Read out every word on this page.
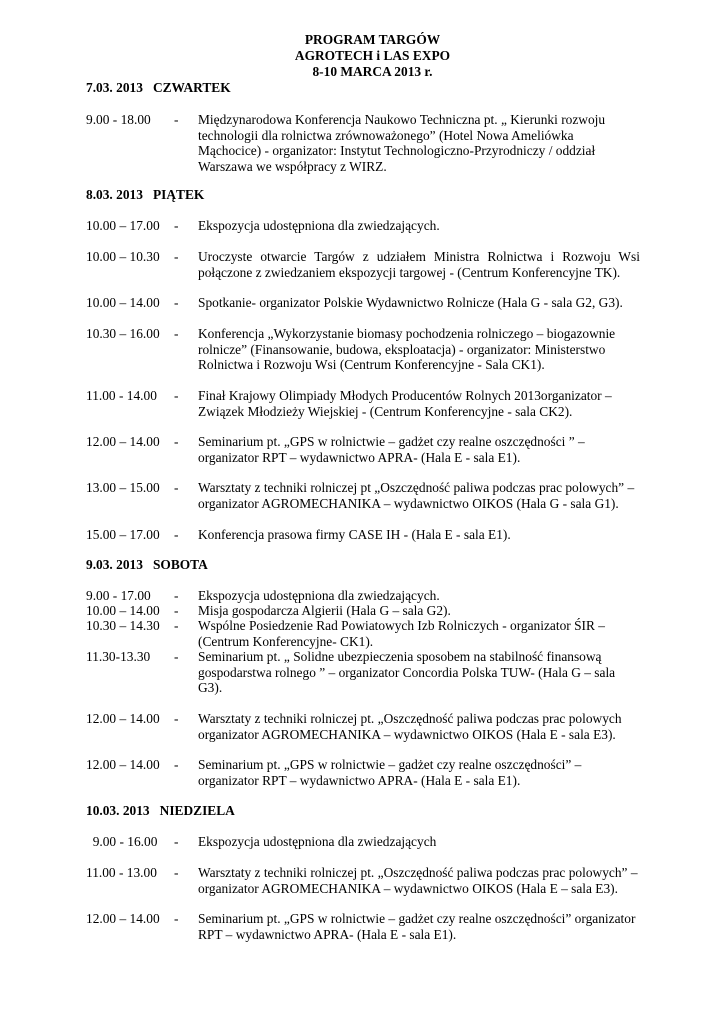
PROGRAM TARGÓW
AGROTECH i LAS EXPO
8-10 MARCA 2013 r.
7.03. 2013   CZWARTEK
9.00 - 18.00 - Międzynarodowa Konferencja Naukowo Techniczna pt. „ Kierunki rozwoju technologii dla rolnictwa zrównoważonego” (Hotel Nowa Ameliówka Mąchocice) - organizator: Instytut Technologiczno-Przyrodniczy / oddział Warszawa we współpracy z WIRZ.
8.03. 2013   PIĄTEK
10.00 – 17.00 - Ekspozycja udostępniona dla zwiedzających.
10.00 – 10.30 - Uroczyste otwarcie Targów z udziałem Ministra Rolnictwa i Rozwoju Wsi połączone z zwiedzaniem ekspozycji targowej - (Centrum Konferencyjne TK).
10.00 – 14.00 - Spotkanie- organizator Polskie Wydawnictwo Rolnicze (Hala G - sala G2, G3).
10.30 – 16.00 - Konferencja „Wykorzystanie biomasy pochodzenia rolniczego – biogazownie rolnicze” (Finansowanie, budowa, eksploatacja) - organizator: Ministerstwo Rolnictwa i Rozwoju Wsi (Centrum Konferencyjne - Sala CK1).
11.00 - 14.00 - Finał Krajowy Olimpiady Młodych Producentów Rolnych 2013organizator – Związek Młodzieży Wiejskiej - (Centrum Konferencyjne - sala CK2).
12.00 – 14.00 - Seminarium pt. „GPS w rolnictwie – gadżet czy realne oszczędności ” – organizator RPT – wydawnictwo APRA- (Hala E - sala E1).
13.00 – 15.00 - Warsztaty z techniki rolniczej pt „Oszczędność paliwa podczas prac polowych” – organizator AGROMECHANIKA – wydawnictwo OIKOS (Hala G - sala G1).
15.00 – 17.00 - Konferencja prasowa firmy CASE IH - (Hala E - sala E1).
9.03. 2013   SOBOTA
9.00 - 17.00 - Ekspozycja udostępniona dla zwiedzających.
10.00 – 14.00 - Misja gospodarcza Algierii (Hala G – sala G2).
10.30 – 14.30 - Wspólne Posiedzenie Rad Powiatowych Izb Rolniczych - organizator ŚIR – (Centrum Konferencyjne- CK1).
11.30-13.30 - Seminarium pt. „ Solidne ubezpieczenia sposobem na stabilność finansową gospodarstwa rolnego ” – organizator Concordia Polska TUW- (Hala G – sala G3).
12.00 – 14.00 - Warsztaty z techniki rolniczej pt. „Oszczędność paliwa podczas prac polowych organizator AGROMECHANIKA – wydawnictwo OIKOS (Hala E - sala E3).
12.00 – 14.00 - Seminarium pt. „GPS w rolnictwie – gadżet czy realne oszczędności” – organizator RPT – wydawnictwo APRA- (Hala E - sala E1).
10.03. 2013   NIEDZIELA
9.00 - 16.00 - Ekspozycja udostępniona dla zwiedzających
11.00 - 13.00 - Warsztaty z techniki rolniczej pt. „Oszczędność paliwa podczas prac polowych” – organizator AGROMECHANIKA – wydawnictwo OIKOS (Hala E – sala E3).
12.00 – 14.00 - Seminarium pt. „GPS w rolnictwie – gadżet czy realne oszczędności” organizator RPT – wydawnictwo APRA- (Hala E - sala E1).
